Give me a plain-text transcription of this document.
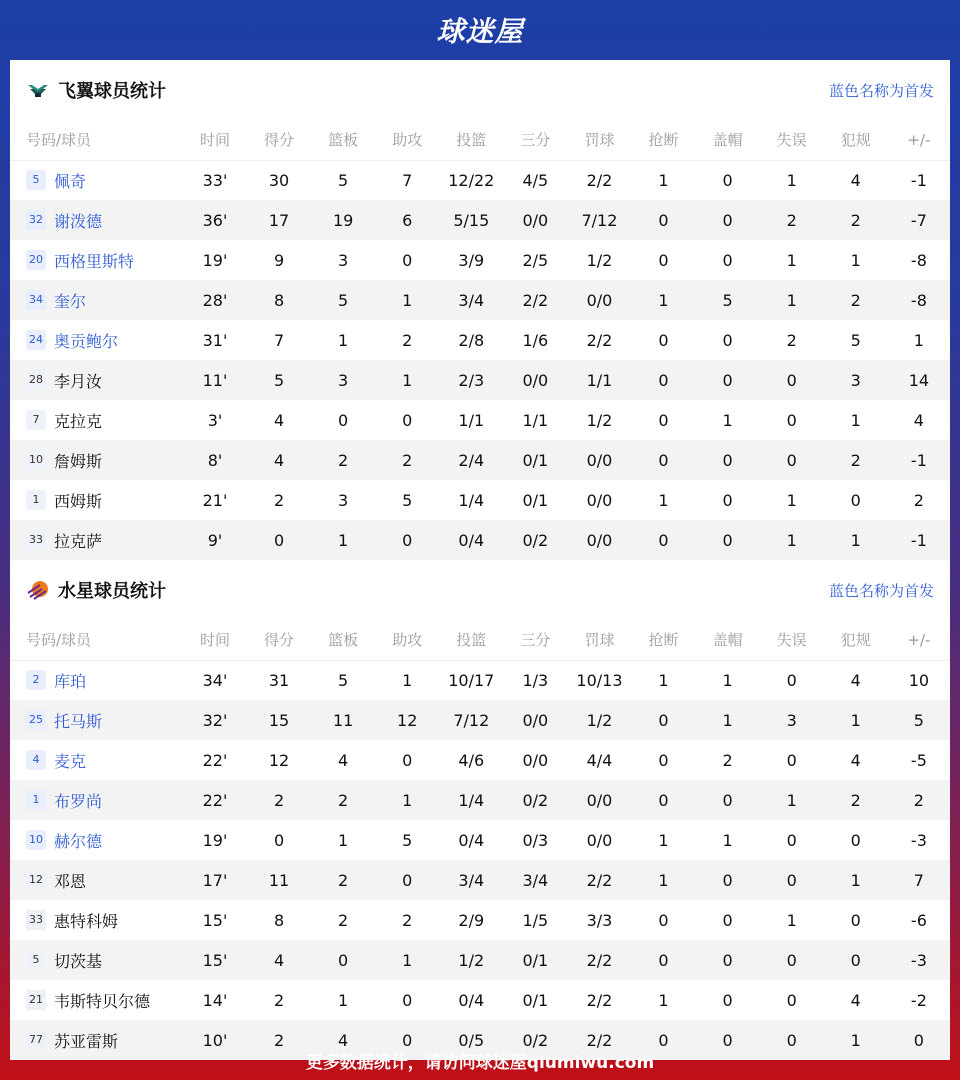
球迷屋
飞翼球员统计	蓝色名称为首发
号码/球员	时间	得分	篮板	助攻	投篮	三分	罚球	抢断	盖帽	失误	犯规	+/-
5 佩奇	33'	30	5	7	12/22	4/5	2/2	1	0	1	4	-1
32 谢泼德	36'	17	19	6	5/15	0/0	7/12	0	0	2	2	-7
20 西格里斯特	19'	9	3	0	3/9	2/5	1/2	0	0	1	1	-8
34 奎尔	28'	8	5	1	3/4	2/2	0/0	1	5	1	2	-8
24 奥贡鲍尔	31'	7	1	2	2/8	1/6	2/2	0	0	2	5	1
28 李月汝	11'	5	3	1	2/3	0/0	1/1	0	0	0	3	14
7 克拉克	3'	4	0	0	1/1	1/1	1/2	0	1	0	1	4
10 詹姆斯	8'	4	2	2	2/4	0/1	0/0	0	0	0	2	-1
1 西姆斯	21'	2	3	5	1/4	0/1	0/0	1	0	1	0	2
33 拉克萨	9'	0	1	0	0/4	0/2	0/0	0	0	1	1	-1
水星球员统计	蓝色名称为首发
号码/球员	时间	得分	篮板	助攻	投篮	三分	罚球	抢断	盖帽	失误	犯规	+/-
2 库珀	34'	31	5	1	10/17	1/3	10/13	1	1	0	4	10
25 托马斯	32'	15	11	12	7/12	0/0	1/2	0	1	3	1	5
4 麦克	22'	12	4	0	4/6	0/0	4/4	0	2	0	4	-5
1 布罗尚	22'	2	2	1	1/4	0/2	0/0	0	0	1	2	2
10 赫尔德	19'	0	1	5	0/4	0/3	0/0	1	1	0	0	-3
12 邓恩	17'	11	2	0	3/4	3/4	2/2	1	0	0	1	7
33 惠特科姆	15'	8	2	2	2/9	1/5	3/3	0	0	1	0	-6
5 切茨基	15'	4	0	1	1/2	0/1	2/2	0	0	0	0	-3
21 韦斯特贝尔德	14'	2	1	0	0/4	0/1	2/2	1	0	0	4	-2
77 苏亚雷斯	10'	2	4	0	0/5	0/2	2/2	0	0	0	1	0
更多数据统计，请访问球迷屋qiumiwu.com
